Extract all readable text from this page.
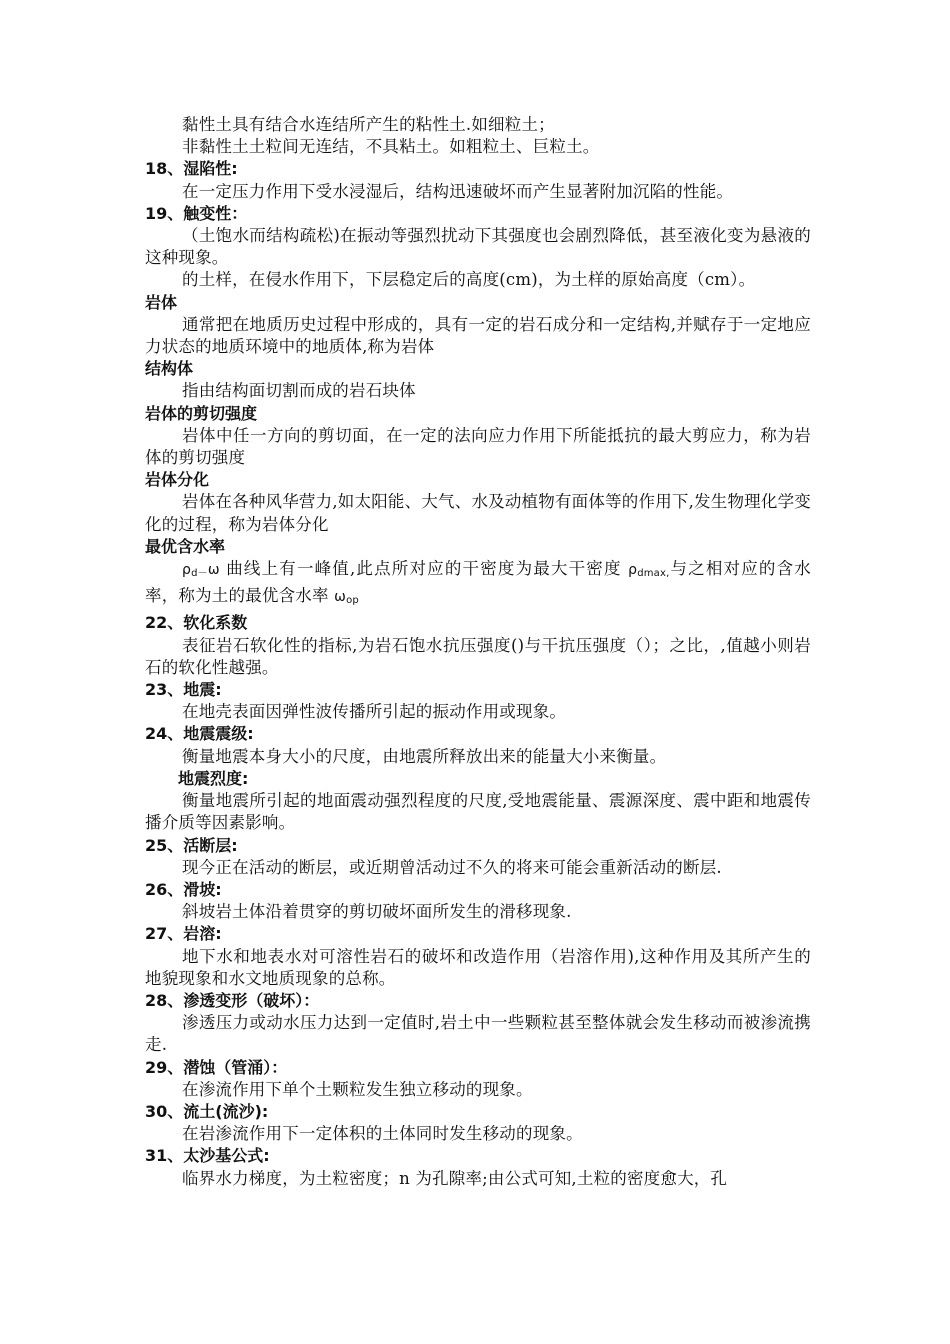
黏性土具有结合水连结所产生的粘性土.如细粒土；

非黏性土土粒间无连结，不具粘土。如粗粒土、巨粒土。

18、湿陷性:

在一定压力作用下受水浸湿后，结构迅速破坏而产生显著附加沉陷的性能。

19、触变性：

（土饱水而结构疏松)在振动等强烈扰动下其强度也会剧烈降低，甚至液化变为悬液的这种现象。

的土样，在侵水作用下，下层稳定后的高度(cm)，为土样的原始高度（cm）。

岩体

通常把在地质历史过程中形成的，具有一定的岩石成分和一定结构,并赋存于一定地应力状态的地质环境中的地质体,称为岩体

结构体

指由结构面切割而成的岩石块体

岩体的剪切强度

岩体中任一方向的剪切面，在一定的法向应力作用下所能抵抗的最大剪应力，称为岩体的剪切强度

岩体分化

岩体在各种风华营力,如太阳能、大气、水及动植物有面体等的作用下,发生物理化学变化的过程，称为岩体分化

最优含水率

$\rho_{d-}\omega$ 曲线上有一峰值,此点所对应的干密度为最大干密度 $\rho_{dmax,}$与之相对应的含水率，称为土的最优含水率 $\omega_{op}$

22、软化系数

表征岩石软化性的指标,为岩石饱水抗压强度()与干抗压强度（）；之比，,值越小则岩石的软化性越强。

23、地震:

在地壳表面因弹性波传播所引起的振动作用或现象。

24、地震震级:

衡量地震本身大小的尺度，由地震所释放出来的能量大小来衡量。

地震烈度:

衡量地震所引起的地面震动强烈程度的尺度,受地震能量、震源深度、震中距和地震传播介质等因素影响。

25、活断层:

现今正在活动的断层，或近期曾活动过不久的将来可能会重新活动的断层.

26、滑坡:

斜坡岩土体沿着贯穿的剪切破坏面所发生的滑移现象.

27、岩溶:

地下水和地表水对可溶性岩石的破坏和改造作用（岩溶作用),这种作用及其所产生的地貌现象和水文地质现象的总称。

28、渗透变形（破坏）：

渗透压力或动水压力达到一定值时,岩土中一些颗粒甚至整体就会发生移动而被渗流携走.

29、潜蚀（管涌）：

在渗流作用下单个土颗粒发生独立移动的现象。

30、流土(流沙):

在岩渗流作用下一定体积的土体同时发生移动的现象。

31、太沙基公式:

临界水力梯度，为土粒密度；n 为孔隙率;由公式可知,土粒的密度愈大，孔
